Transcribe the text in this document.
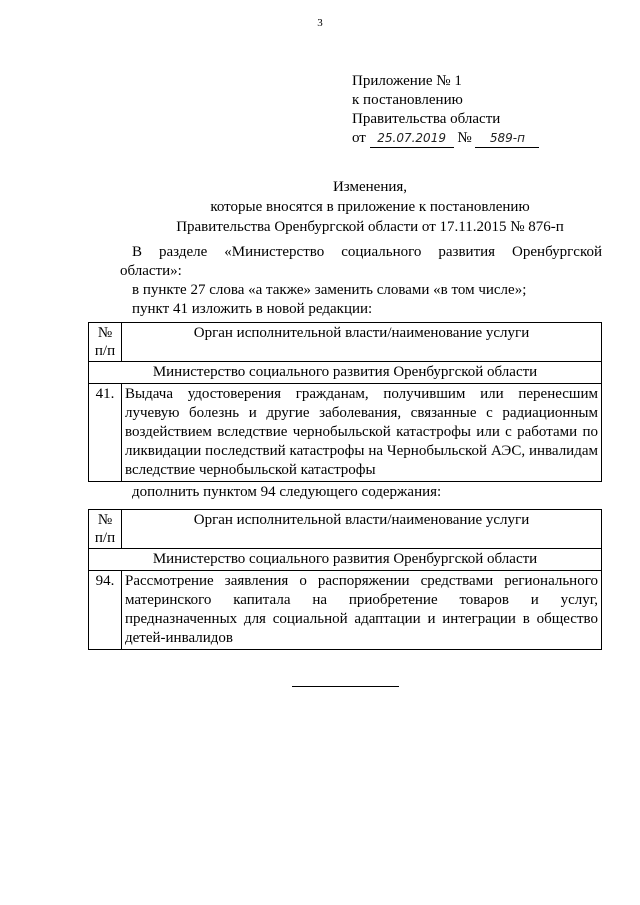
3
Приложение № 1
к постановлению
Правительства области
от 25.07.2019 № 589-п
Изменения,
которые вносятся в приложение к постановлению
Правительства Оренбургской области от 17.11.2015 № 876-п
В разделе «Министерство социального развития Оренбургской
области»:
в пункте 27 слова «а также» заменить словами «в том числе»;
пункт 41 изложить в новой редакции:
№
п/п	Орган исполнительной власти/наименование услуги
Министерство социального развития Оренбургской области	
41.	Выдача удостоверения гражданам, получившим или перенесшим лучевую болезнь и другие заболевания, связанные с радиационным воздействием вследствие чернобыльской катастрофы или с работами по ликвидации последствий катастрофы на Чернобыльской АЭС, инвалидам вследствие чернобыльской катастрофы
дополнить пунктом 94 следующего содержания:
№
п/п	Орган исполнительной власти/наименование услуги
Министерство социального развития Оренбургской области	
94.	Рассмотрение заявления о распоряжении средствами регионального материнского капитала на приобретение товаров и услуг, предназначенных для социальной адаптации и интеграции в общество детей-инвалидов
